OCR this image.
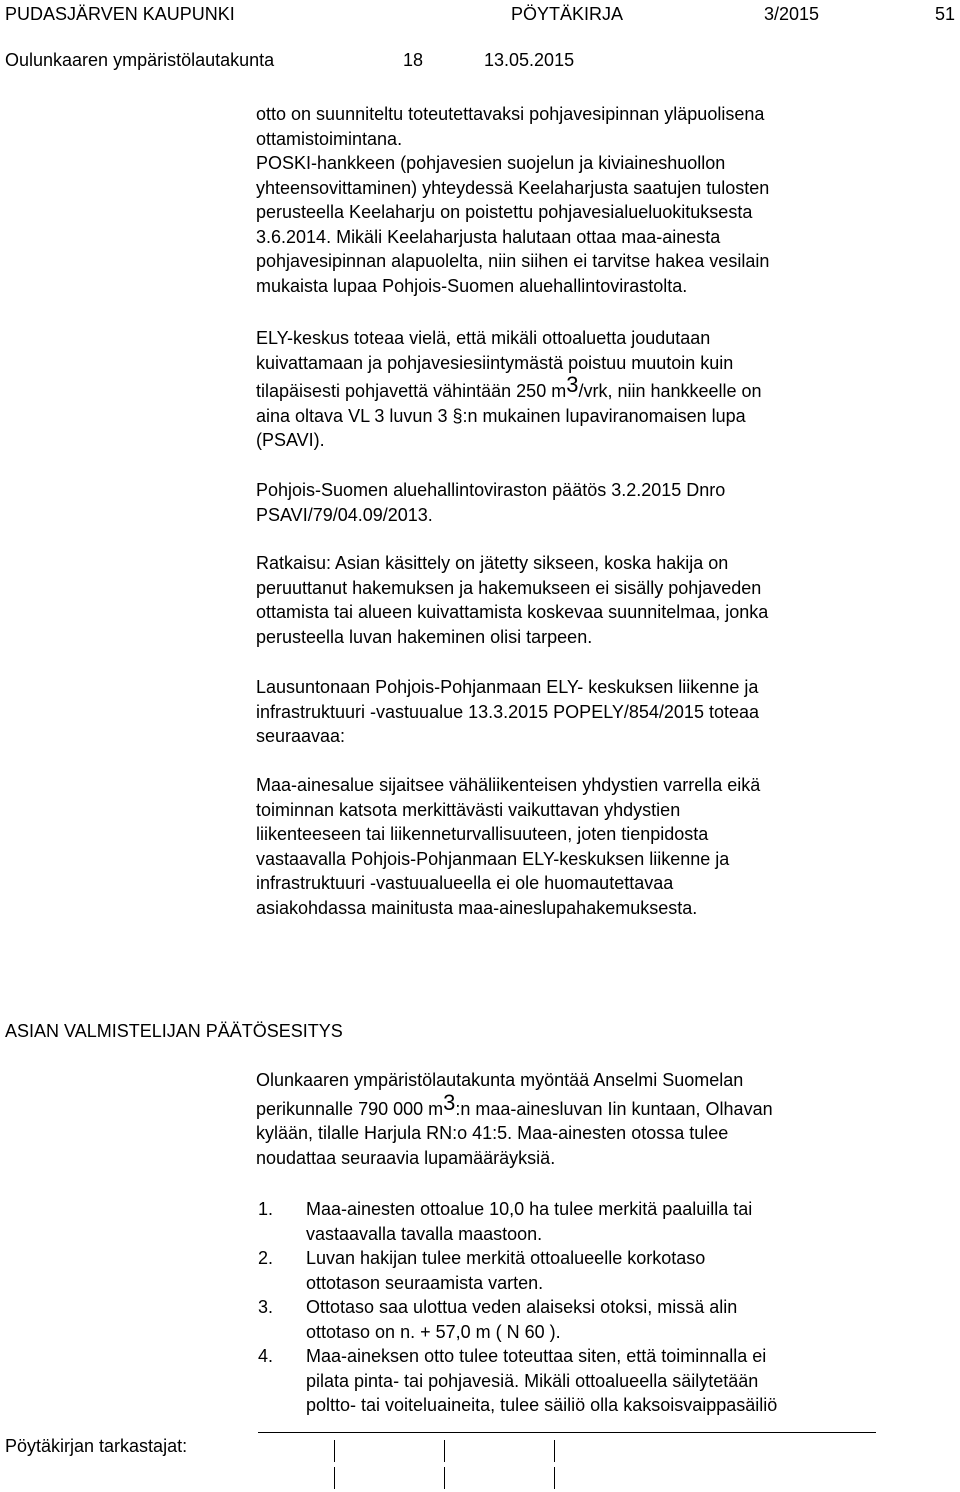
PUDASJÄRVEN KAUPUNKI	PÖYTÄKIRJA	3/2015	51
Oulunkaaren ympäristölautakunta	18	13.05.2015
otto on suunniteltu toteutettavaksi pohjavesipinnan yläpuolisena
ottamistoimintana.
POSKI-hankkeen (pohjavesien suojelun ja kiviaineshuollon
yhteensovittaminen) yhteydessä Keelaharjusta saatujen tulosten
perusteella Keelaharju on poistettu pohjavesialueluokituksesta
3.6.2014. Mikäli Keelaharjusta halutaan ottaa maa-ainesta
pohjavesipinnan alapuolelta, niin siihen ei tarvitse hakea vesilain
mukaista lupaa Pohjois-Suomen aluehallintovirastolta.
ELY-keskus toteaa vielä, että mikäli ottoaluetta joudutaan
kuivattamaan ja pohjavesiesiintymästä poistuu muutoin kuin
tilapäisesti pohjavettä vähintään 250 $m^3$/vrk, niin hankkeelle on
aina oltava VL 3 luvun 3 §:n mukainen lupaviranomaisen lupa
(PSAVI).
Pohjois-Suomen aluehallintoviraston päätös 3.2.2015 Dnro
PSAVI/79/04.09/2013.
Ratkaisu: Asian käsittely on jätetty sikseen, koska hakija on
peruuttanut hakemuksen ja hakemukseen ei sisälly pohjaveden
ottamista tai alueen kuivattamista koskevaa suunnitelmaa, jonka
perusteella luvan hakeminen olisi tarpeen.
Lausuntonaan Pohjois-Pohjanmaan ELY- keskuksen liikenne ja
infrastruktuuri -vastuualue 13.3.2015 POPELY/854/2015 toteaa
seuraavaa:
Maa-ainesalue sijaitsee vähäliikenteisen yhdystien varrella eikä
toiminnan katsota merkittävästi vaikuttavan yhdystien
liikenteeseen tai liikenneturvallisuuteen, joten tienpidosta
vastaavalla Pohjois-Pohjanmaan ELY-keskuksen liikenne ja
infrastruktuuri -vastuualueella ei ole huomautettavaa
asiakohdassa mainitusta maa-aineslupahakemuksesta.
ASIAN VALMISTELIJAN PÄÄTÖSESITYS
Olunkaaren ympäristölautakunta myöntää Anselmi Suomelan
perikunnalle 790 000 $m^3:n$ maa-ainesluvan Iin kuntaan, Olhavan
kylään, tilalle Harjula RN:o 41:5. Maa-ainesten otossa tulee
noudattaa seuraavia lupamääräyksiä.
1. Maa-ainesten ottoalue 10,0 ha tulee merkitä paaluilla tai
vastaavalla tavalla maastoon.
2. Luvan hakijan tulee merkitä ottoalueelle korkotaso
ottotason seuraamista varten.
3. Ottotaso saa ulottua veden alaiseksi otoksi, missä alin
ottotaso on n. + 57,0 m ( N 60 ).
4. Maa-aineksen otto tulee toteuttaa siten, että toiminnalla ei
pilata pinta- tai pohjavesiä. Mikäli ottoalueella säilytetään
poltto- tai voiteluaineita, tulee säiliö olla kaksoisvaippasäiliö
Pöytäkirjan tarkastajat:
